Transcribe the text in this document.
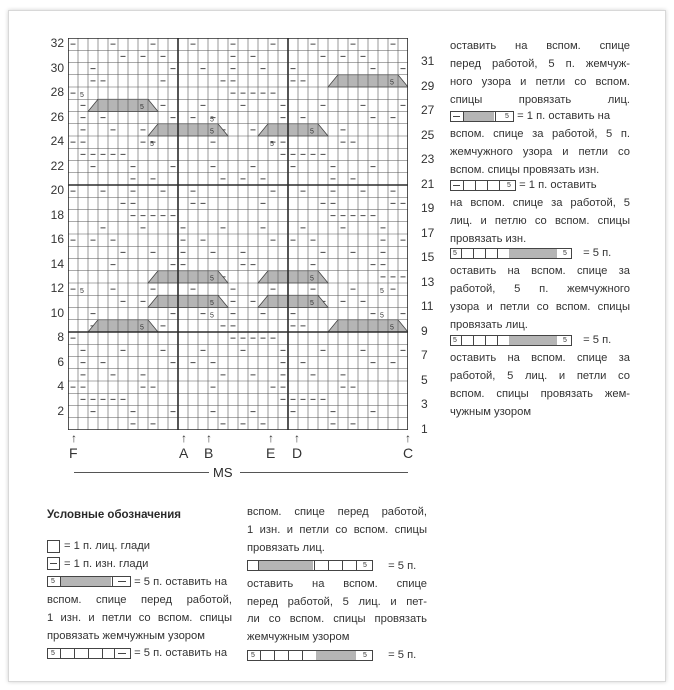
32
30
28
26
24
22
20
18
16
14
12
10
8
6
4
2
31
29
27
25
23
21
19
17
15
13
11
9
7
5
3
1
5
5
5	5
5	5
5	5
5	5
5
5
5	5
5
5	5
5
↑
F
↑
A
↑
B
↑
E
↑
D
↑
C
MS
оставить на вспом. спице
перед работой, 5 п. жемчуж-
ного узора и петли со вспом.
спицы провязать лиц.
5 = 1 п. оставить на
вспом. спице за работой, 5 п.
жемчужного узора и петли со
вспом. спицы провязать изн.
5 = 1 п. оставить
на вспом. спице за работой, 5
лиц. и петлю со вспом. спицы
провязать изн.
5	5 = 5 п.
оставить на вспом. спице за
работой, 5 п. жемчужного
узора и петли со вспом. спицы
провязать лиц.
5	5 = 5 п.
оставить на вспом. спице за
работой, 5 лиц. и петли со
вспом. спицы провязать жем-
чужным узором
Условные обозначения
= 1 п. лиц. глади
= 1 п. изн. глади
5	= 5 п. оставить на
вспом. спице перед работой,
1 изн. и петли со вспом. спицы
провязать жемчужным узором
5	= 5 п. оставить на
вспом. спице перед работой,
1 изн. и петли со вспом. спицы
провязать лиц.
5 = 5 п.
оставить на вспом. спице
перед работой, 5 лиц. и пет-
ли со вспом. спицы провязать
жемчужным узором
5	5 = 5 п.
